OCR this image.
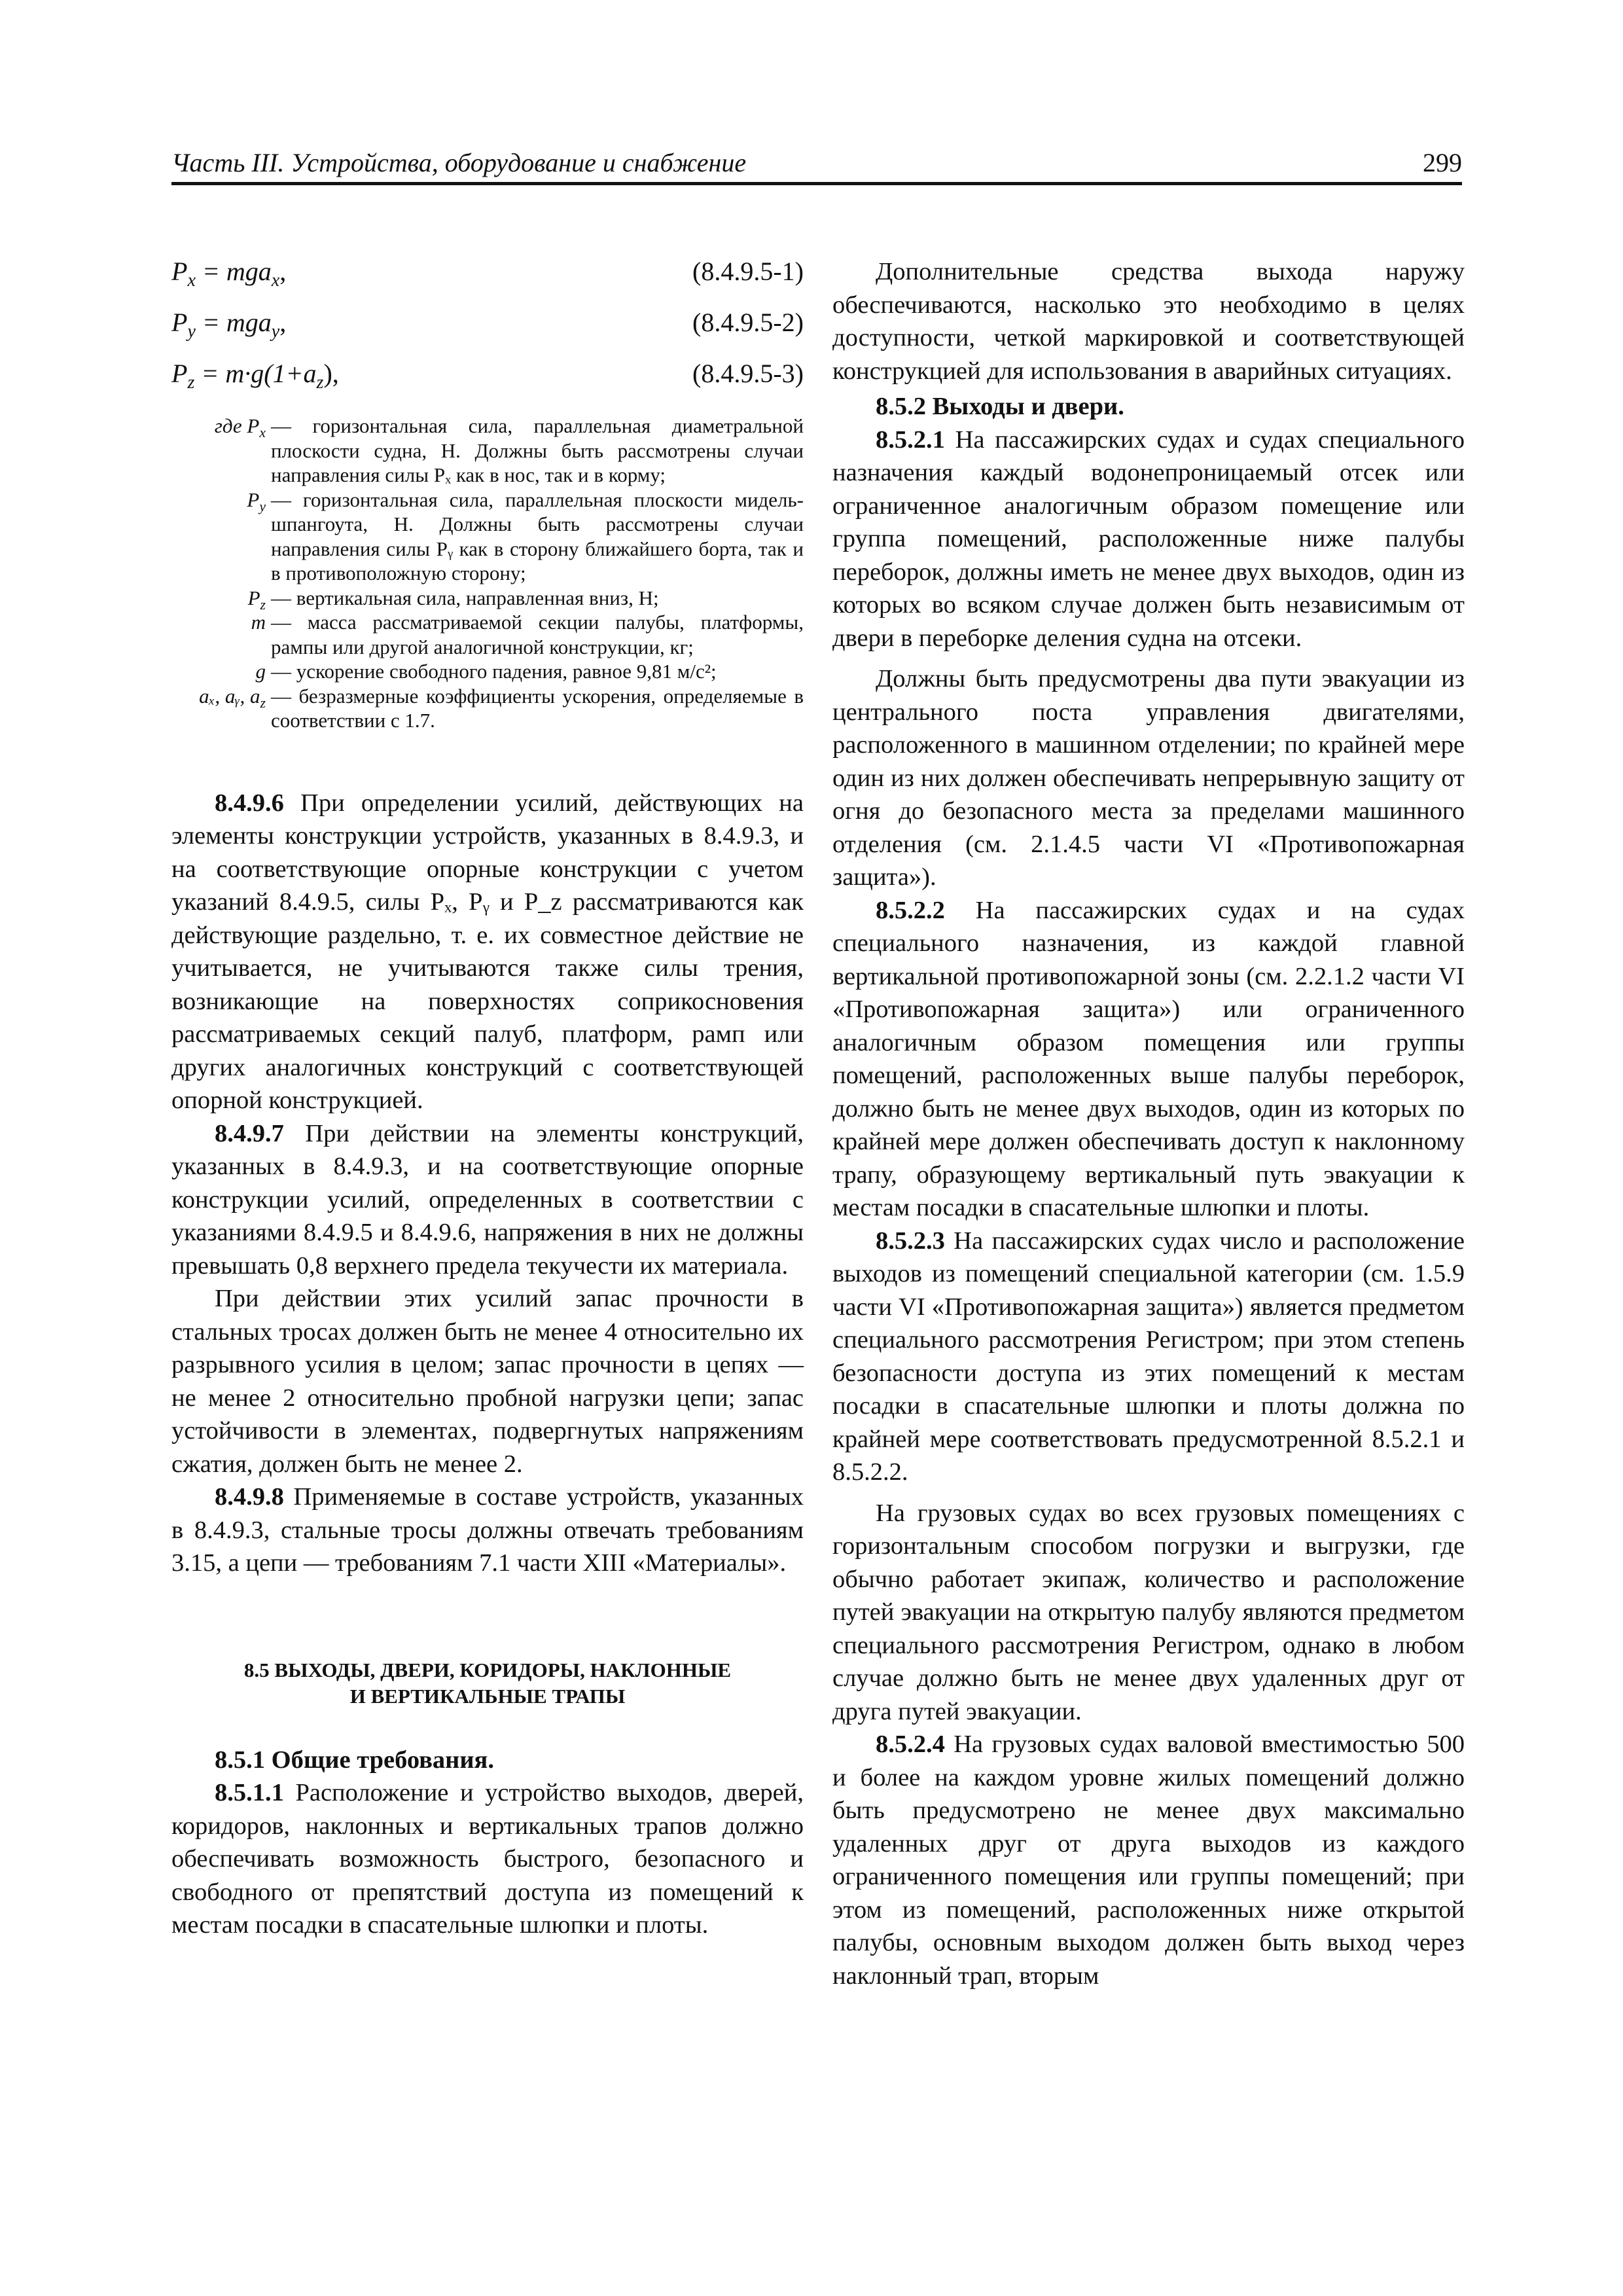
Часть III. Устройства, оборудование и снабжение	299
$P_x = mga_x$,	(8.4.9.5-1)
$P_y = mga_y$,	(8.4.9.5-2)
$P_z = m\cdot g(1+a_z)$,	(8.4.9.5-3)
где $P_x$ — горизонтальная сила, параллельная диаметральной плоскости судна, Н. Должны быть рассмотрены случаи направления силы Pₓ как в нос, так и в корму;
$P_y$ — горизонтальная сила, параллельная плоскости мидель-шпангоута, Н. Должны быть рассмотрены случаи направления силы Pᵧ как в сторону ближайшего борта, так и в противоположную сторону;
$P_z$ — вертикальная сила, направленная вниз, Н;
m — масса рассматриваемой секции палубы, платформы, рампы или другой аналогичной конструкции, кг;
g — ускорение свободного падения, равное 9,81 м/с²;
aₓ, aᵧ, $a_z$ — безразмерные коэффициенты ускорения, определяемые в соответствии с 1.7.

8.4.9.6 При определении усилий, действующих на элементы конструкции устройств, указанных в 8.4.9.3, и на соответствующие опорные конструкции с учетом указаний 8.4.9.5, силы Pₓ, Pᵧ и P_z рассматриваются как действующие раздельно, т. е. их совместное действие не учитывается, не учитываются также силы трения, возникающие на поверхностях соприкосновения рассматриваемых секций палуб, платформ, рамп или других аналогичных конструкций с соответствующей опорной конструкцией.

8.4.9.7 При действии на элементы конструкций, указанных в 8.4.9.3, и на соответствующие опорные конструкции усилий, определенных в соответствии с указаниями 8.4.9.5 и 8.4.9.6, напряжения в них не должны превышать 0,8 верхнего предела текучести их материала.

При действии этих усилий запас прочности в стальных тросах должен быть не менее 4 относительно их разрывного усилия в целом; запас прочности в цепях — не менее 2 относительно пробной нагрузки цепи; запас устойчивости в элементах, подвергнутых напряжениям сжатия, должен быть не менее 2.

8.4.9.8 Применяемые в составе устройств, указанных в 8.4.9.3, стальные тросы должны отвечать требованиям 3.15, а цепи — требованиям 7.1 части XIII «Материалы».

8.5 ВЫХОДЫ, ДВЕРИ, КОРИДОРЫ, НАКЛОННЫЕ
И ВЕРТИКАЛЬНЫЕ ТРАПЫ
8.5.1 Общие требования.

8.5.1.1 Расположение и устройство выходов, дверей, коридоров, наклонных и вертикальных трапов должно обеспечивать возможность быстрого, безопасного и свободного от препятствий доступа из помещений к местам посадки в спасательные шлюпки и плоты.

Дополнительные средства выхода наружу обеспечиваются, насколько это необходимо в целях доступности, четкой маркировкой и соответствующей конструкцией для использования в аварийных ситуациях.

8.5.2 Выходы и двери.

8.5.2.1 На пассажирских судах и судах специального назначения каждый водонепроницаемый отсек или ограниченное аналогичным образом помещение или группа помещений, расположенные ниже палубы переборок, должны иметь не менее двух выходов, один из которых во всяком случае должен быть независимым от двери в переборке деления судна на отсеки.

Должны быть предусмотрены два пути эвакуации из центрального поста управления двигателями, расположенного в машинном отделении; по крайней мере один из них должен обеспечивать непрерывную защиту от огня до безопасного места за пределами машинного отделения (см. 2.1.4.5 части VI «Противопожарная защита»).

8.5.2.2 На пассажирских судах и на судах специального назначения, из каждой главной вертикальной противопожарной зоны (см. 2.2.1.2 части VI «Противопожарная защита») или ограниченного аналогичным образом помещения или группы помещений, расположенных выше палубы переборок, должно быть не менее двух выходов, один из которых по крайней мере должен обеспечивать доступ к наклонному трапу, образующему вертикальный путь эвакуации к местам посадки в спасательные шлюпки и плоты.

8.5.2.3 На пассажирских судах число и расположение выходов из помещений специальной категории (см. 1.5.9 части VI «Противопожарная защита») является предметом специального рассмотрения Регистром; при этом степень безопасности доступа из этих помещений к местам посадки в спасательные шлюпки и плоты должна по крайней мере соответствовать предусмотренной 8.5.2.1 и 8.5.2.2.

На грузовых судах во всех грузовых помещениях с горизонтальным способом погрузки и выгрузки, где обычно работает экипаж, количество и расположение путей эвакуации на открытую палубу являются предметом специального рассмотрения Регистром, однако в любом случае должно быть не менее двух удаленных друг от друга путей эвакуации.

8.5.2.4 На грузовых судах валовой вместимостью 500 и более на каждом уровне жилых помещений должно быть предусмотрено не менее двух максимально удаленных друг от друга выходов из каждого ограниченного помещения или группы помещений; при этом из помещений, расположенных ниже открытой палубы, основным выходом должен быть выход через наклонный трап, вторым
